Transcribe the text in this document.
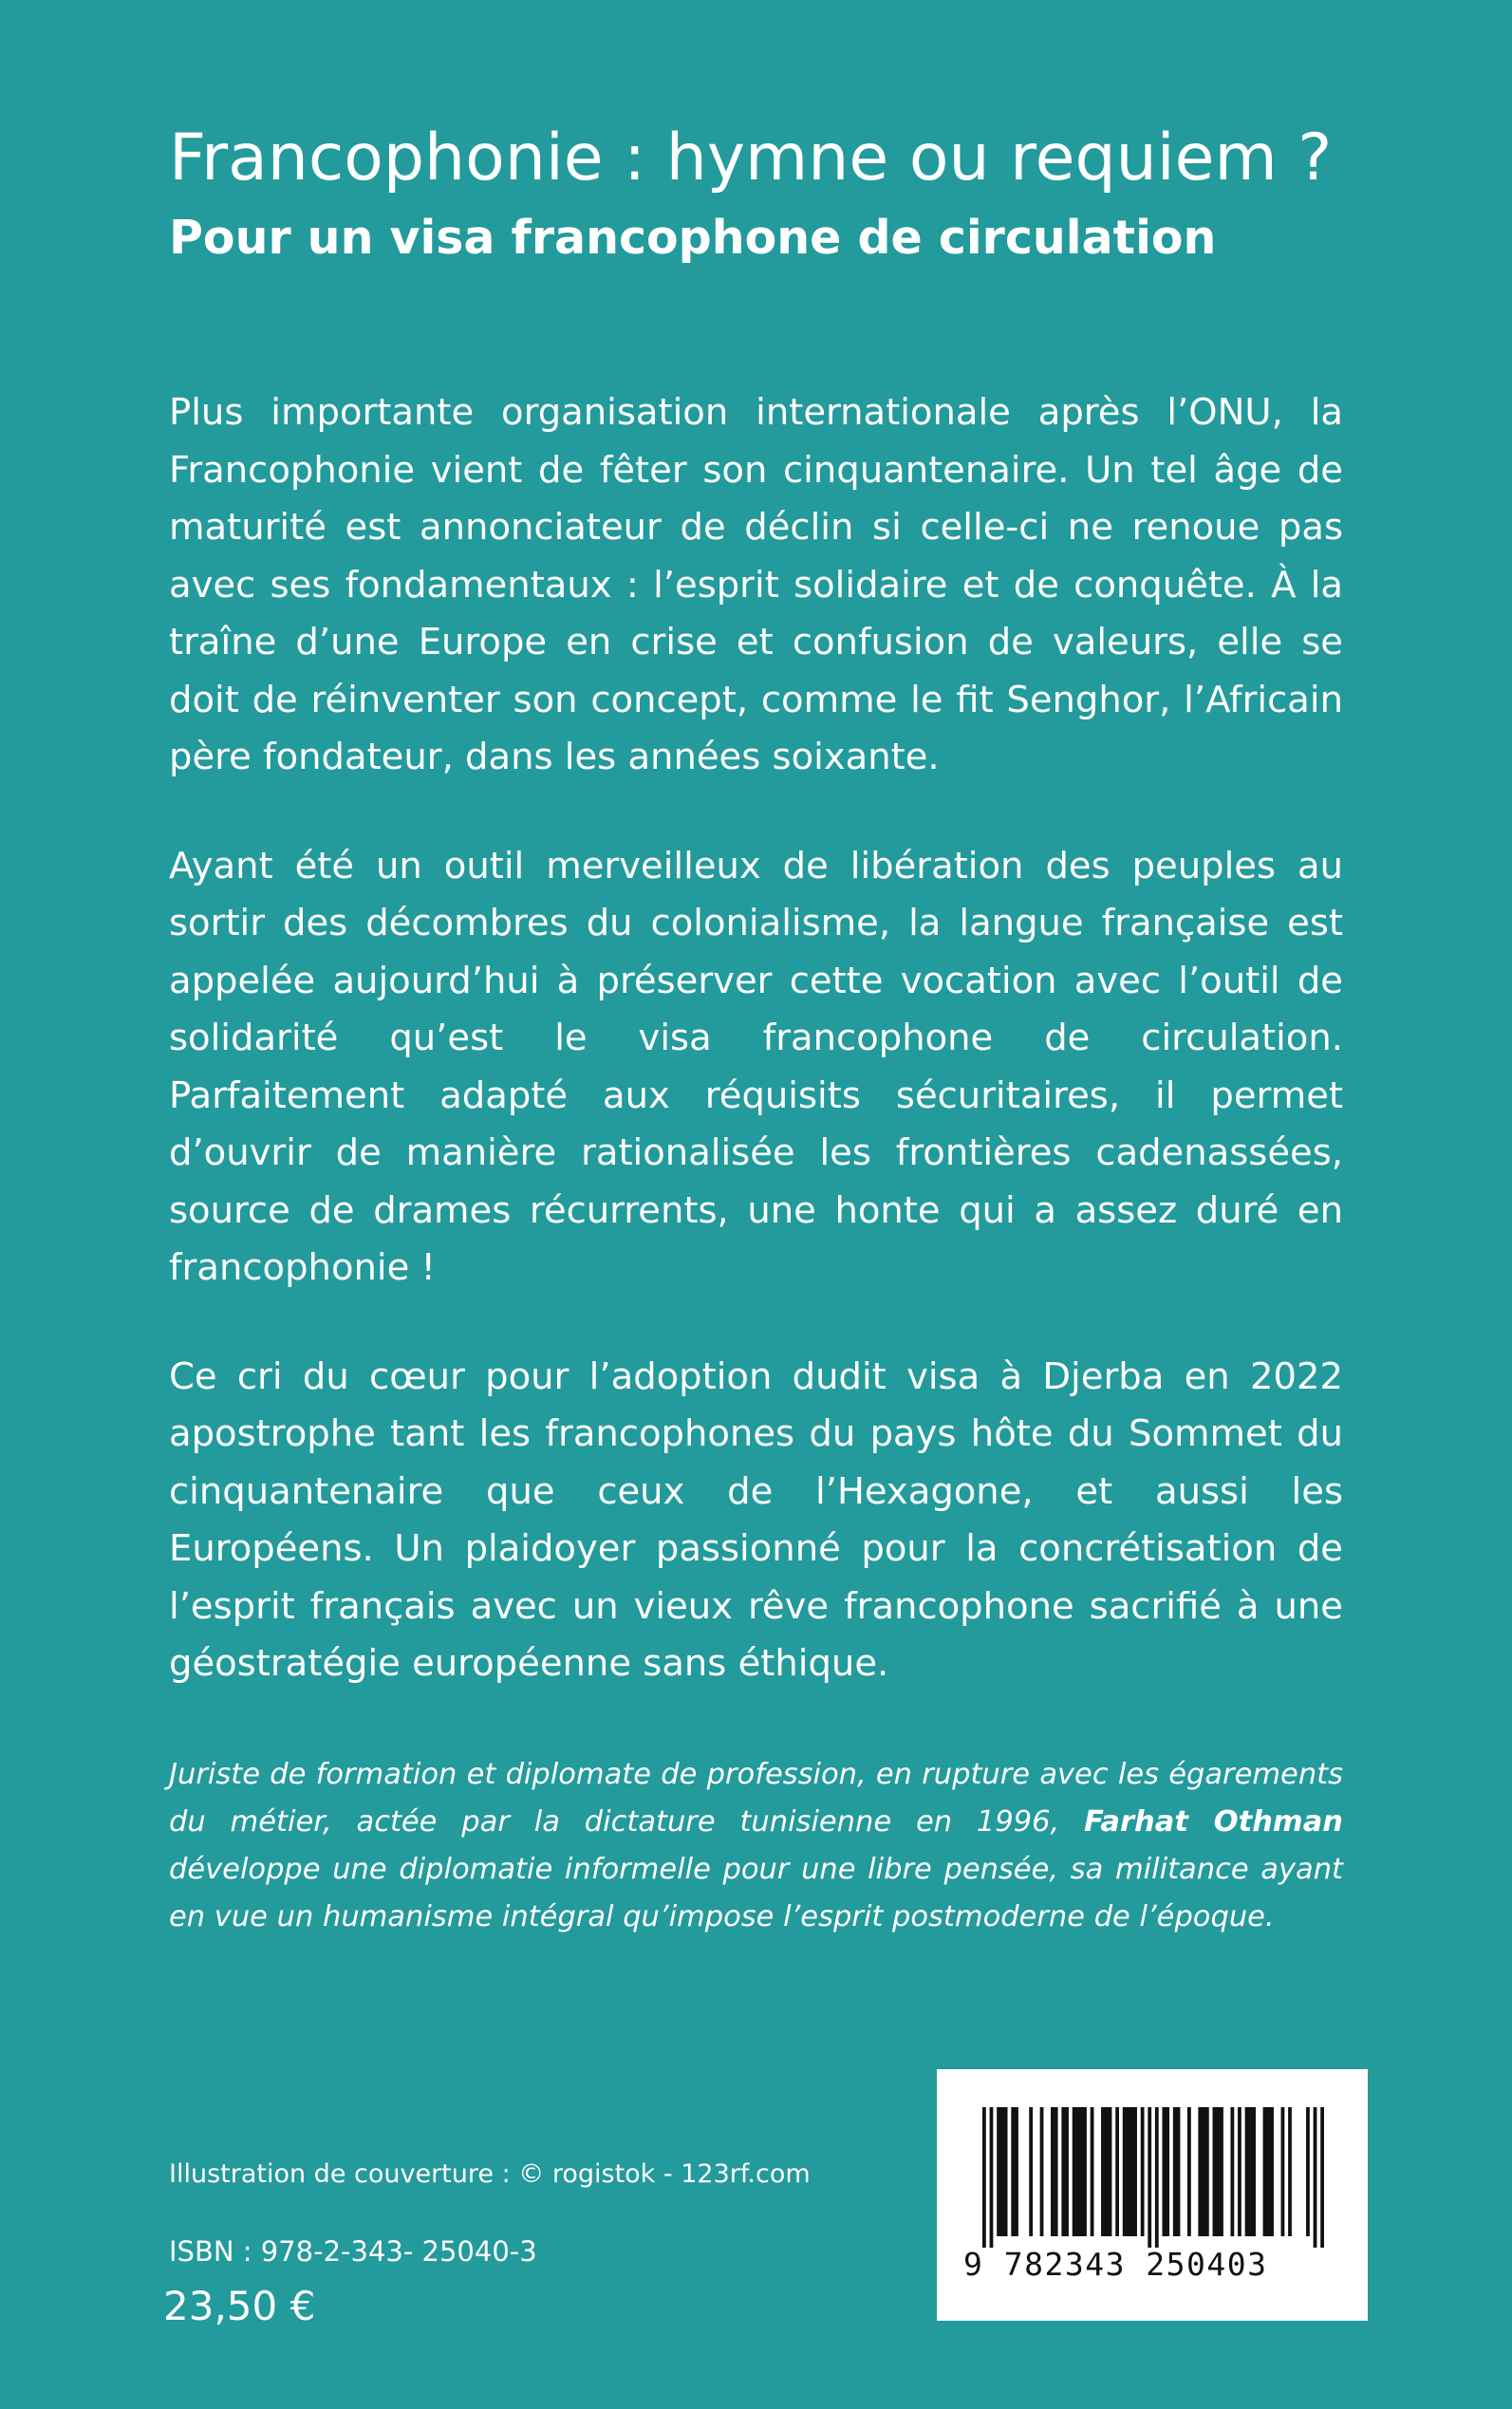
Francophonie : hymne ou requiem ?
Pour un visa francophone de circulation

Plus importante organisation internationale après l’ONU, la Francophonie vient de fêter son cinquantenaire. Un tel âge de maturité est annonciateur de déclin si celle-ci ne renoue pas avec ses fondamentaux : l’esprit solidaire et de conquête. À la traîne d’une Europe en crise et confusion de valeurs, elle se doit de réinventer son concept, comme le fit Senghor, l’Africain père fondateur, dans les années soixante.

Ayant été un outil merveilleux de libération des peuples au sortir des décombres du colonialisme, la langue française est appelée aujourd’hui à préserver cette vocation avec l’outil de solidarité qu’est le visa francophone de circulation. Parfaitement adapté aux réquisits sécuritaires, il permet d’ouvrir de manière rationalisée les frontières cadenassées, source de drames récurrents, une honte qui a assez duré en francophonie !

Ce cri du cœur pour l’adoption dudit visa à Djerba en 2022 apostrophe tant les francophones du pays hôte du Sommet du cinquantenaire que ceux de l’Hexagone, et aussi les Européens. Un plaidoyer passionné pour la concrétisation de l’esprit français avec un vieux rêve francophone sacrifié à une géostratégie européenne sans éthique.

Juriste de formation et diplomate de profession, en rupture avec les égarements du métier, actée par la dictature tunisienne en 1996, Farhat Othman développe une diplomatie informelle pour une libre pensée, sa militance ayant en vue un humanisme intégral qu’impose l’esprit postmoderne de l’époque.

Illustration de couverture : © rogistok - 123rf.com
ISBN : 978-2-343- 25040-3
23,50 €
9 782343 250403
